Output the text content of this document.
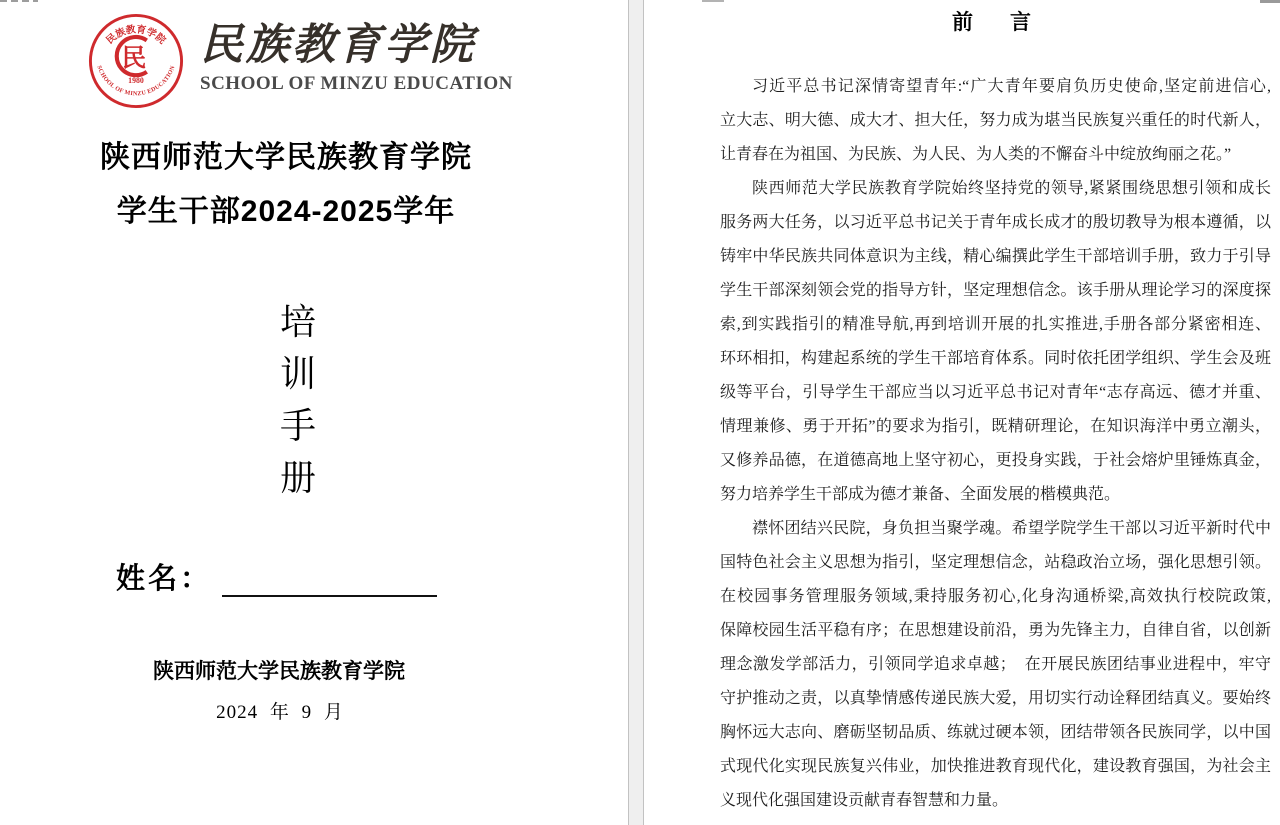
民族教育学院
SCHOOL OF MINZU EDUCATION
民
1980
民族教育学院
SCHOOL OF MINZU EDUCATION
陕西师范大学民族教育学院
学生干部2024-2025学年
培
训
手
册
姓名：
陕西师范大学民族教育学院
2024 年 9 月
前　言
习近平总书记深情寄望青年:“广大青年要肩负历史使命,坚定前进信心,
立大志、明大德、成大才、担大任，努力成为堪当民族复兴重任的时代新人，
让青春在为祖国、为民族、为人民、为人类的不懈奋斗中绽放绚丽之花。”
陕西师范大学民族教育学院始终坚持党的领导,紧紧围绕思想引领和成长
服务两大任务，以习近平总书记关于青年成长成才的殷切教导为根本遵循，以
铸牢中华民族共同体意识为主线，精心编撰此学生干部培训手册，致力于引导
学生干部深刻领会党的指导方针，坚定理想信念。该手册从理论学习的深度探
索,到实践指引的精准导航,再到培训开展的扎实推进,手册各部分紧密相连、
环环相扣，构建起系统的学生干部培育体系。同时依托团学组织、学生会及班
级等平台，引导学生干部应当以习近平总书记对青年“志存高远、德才并重、
情理兼修、勇于开拓”的要求为指引，既精研理论，在知识海洋中勇立潮头，
又修养品德，在道德高地上坚守初心，更投身实践，于社会熔炉里锤炼真金，
努力培养学生干部成为德才兼备、全面发展的楷模典范。
襟怀团结兴民院，身负担当聚学魂。希望学院学生干部以习近平新时代中
国特色社会主义思想为指引，坚定理想信念，站稳政治立场，强化思想引领。
在校园事务管理服务领域,秉持服务初心,化身沟通桥梁,高效执行校院政策,
保障校园生活平稳有序；在思想建设前沿，勇为先锋主力，自律自省，以创新
理念激发学部活力，引领同学追求卓越；　在开展民族团结事业进程中，牢守
守护推动之责，以真挚情感传递民族大爱，用切实行动诠释团结真义。要始终
胸怀远大志向、磨砺坚韧品质、练就过硬本领，团结带领各民族同学，以中国
式现代化实现民族复兴伟业，加快推进教育现代化，建设教育强国，为社会主
义现代化强国建设贡献青春智慧和力量。
